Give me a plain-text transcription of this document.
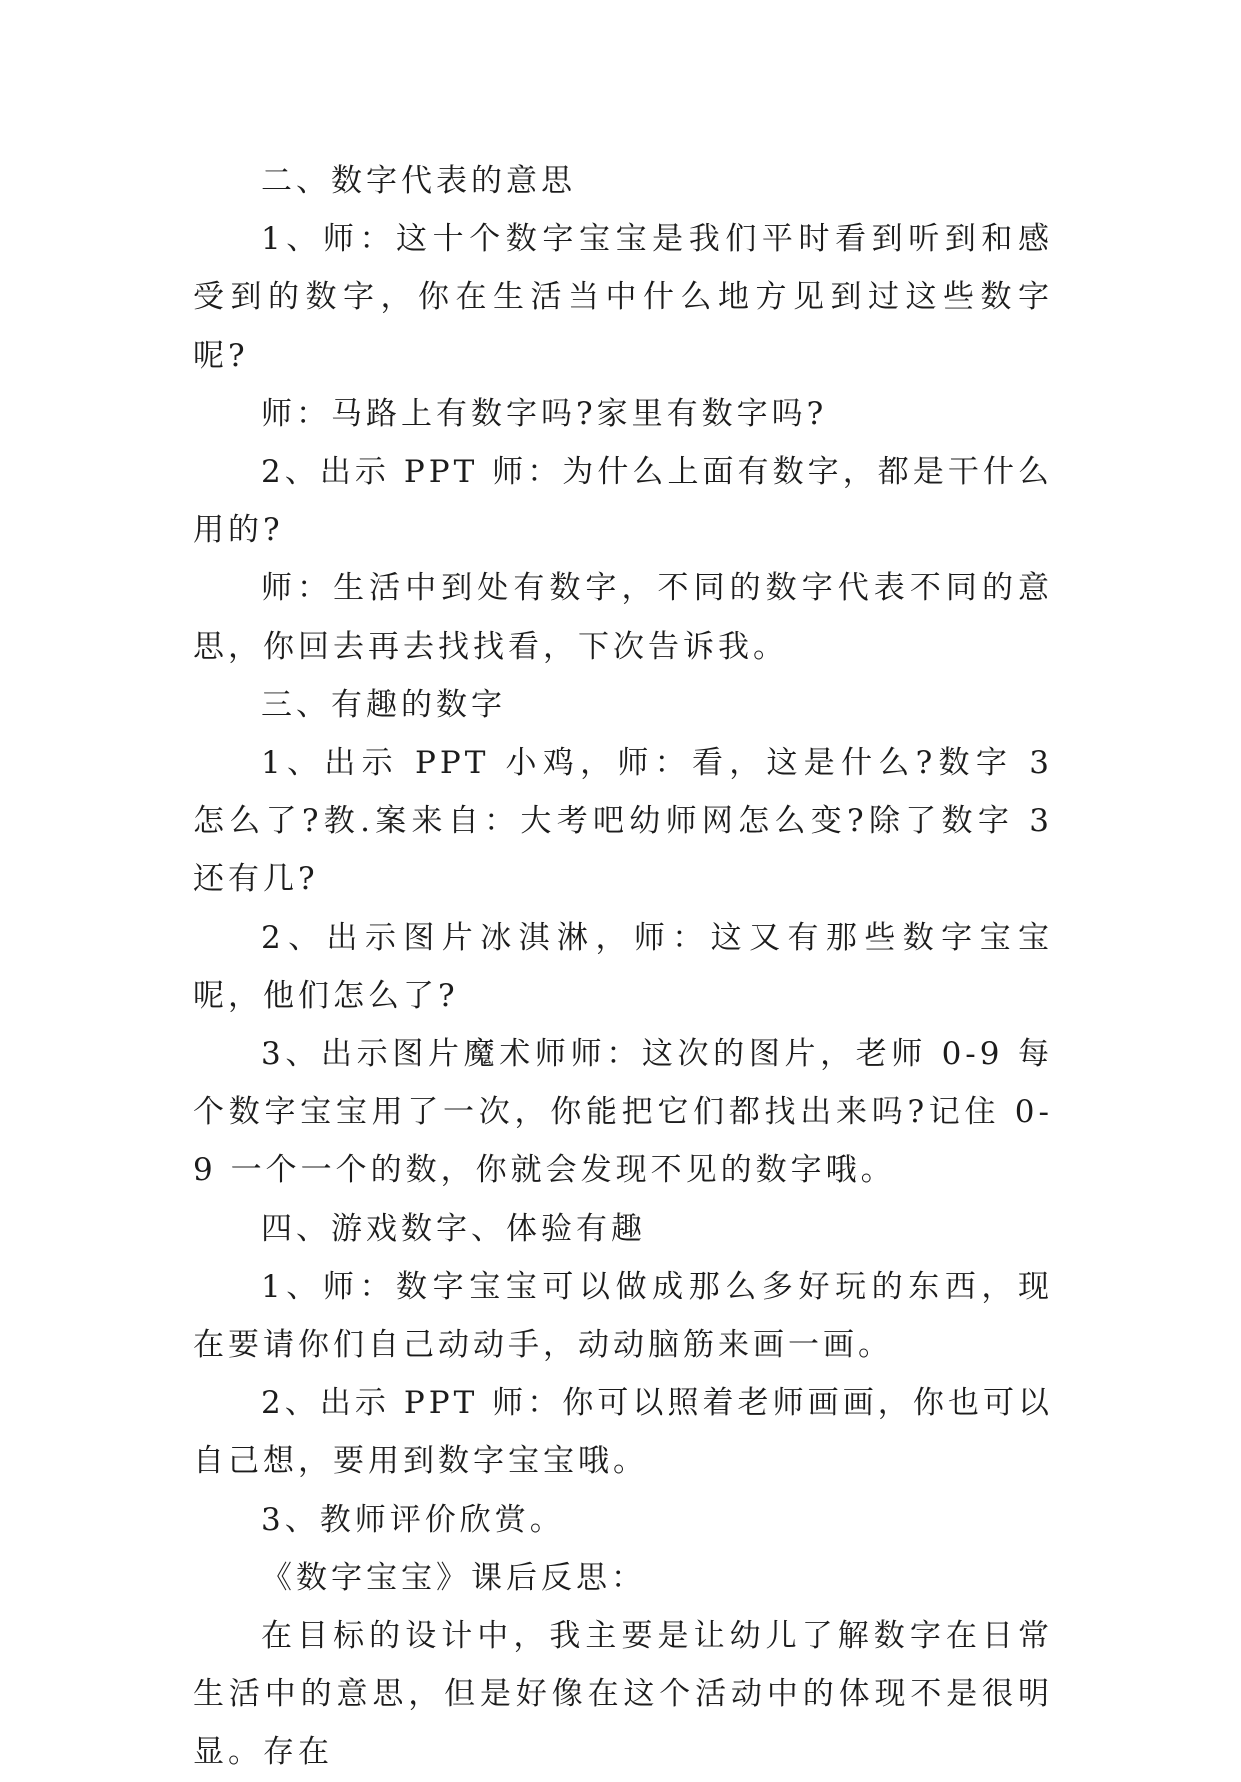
二、数字代表的意思

1、师：这十个数字宝宝是我们平时看到听到和感受到的数字，你在生活当中什么地方见到过这些数字呢?

师：马路上有数字吗?家里有数字吗?

2、出示 PPT 师：为什么上面有数字，都是干什么用的?

师：生活中到处有数字，不同的数字代表不同的意思，你回去再去找找看，下次告诉我。

三、有趣的数字

1、出示 PPT 小鸡，师：看，这是什么?数字 3 怎么了?教.案来自：大考吧幼师网怎么变?除了数字 3 还有几?

2、出示图片冰淇淋，师：这又有那些数字宝宝呢，他们怎么了?

3、出示图片魔术师师：这次的图片，老师 0-9 每个数字宝宝用了一次，你能把它们都找出来吗?记住 0-9 一个一个的数，你就会发现不见的数字哦。

四、游戏数字、体验有趣

1、师：数字宝宝可以做成那么多好玩的东西，现在要请你们自己动动手，动动脑筋来画一画。

2、出示 PPT 师：你可以照着老师画画，你也可以自己想，要用到数字宝宝哦。

3、教师评价欣赏。

《数字宝宝》课后反思：

在目标的设计中，我主要是让幼儿了解数字在日常生活中的意思，但是好像在这个活动中的体现不是很明显。存在
